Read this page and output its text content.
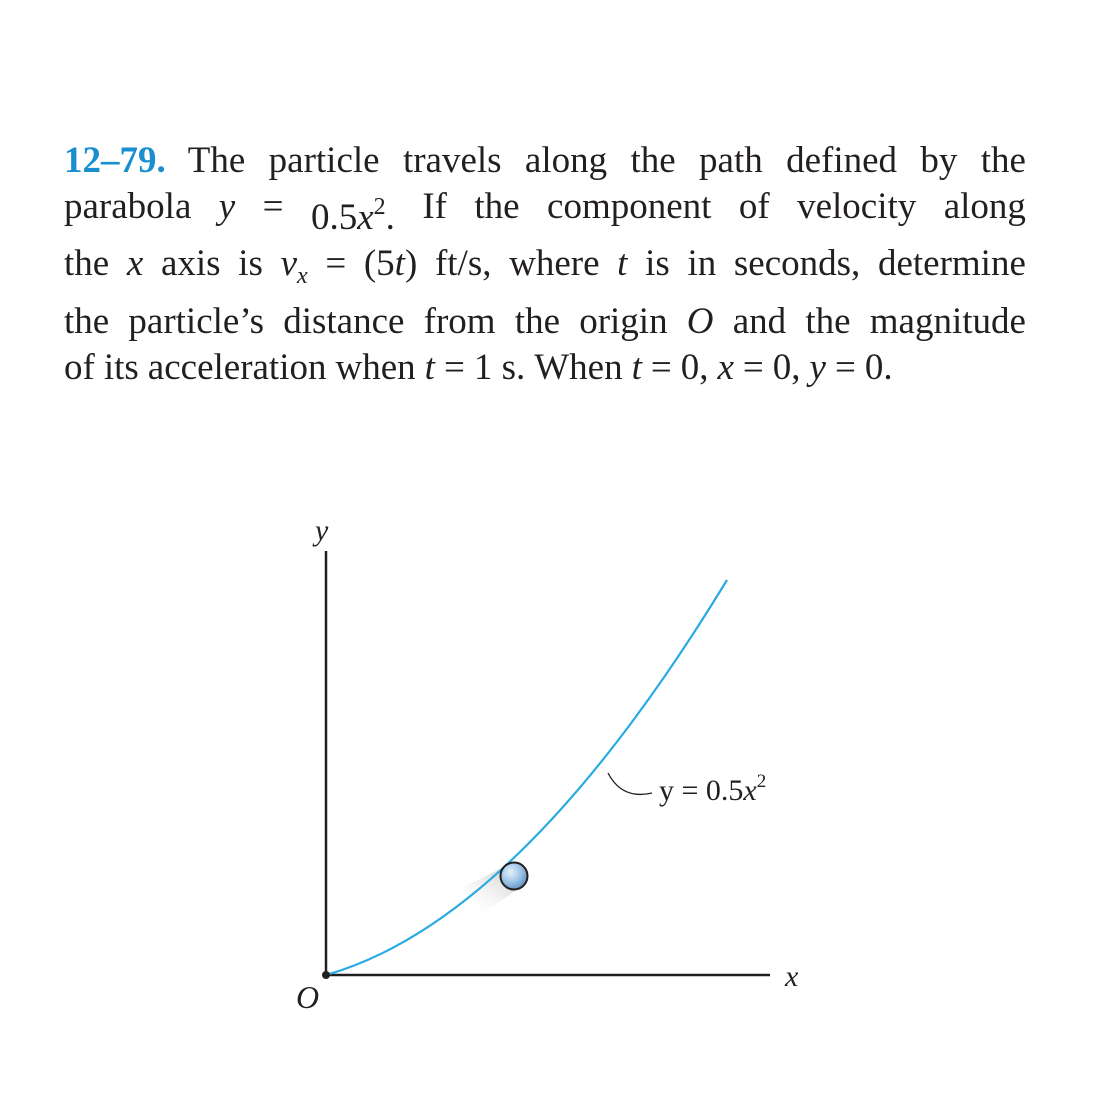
12–79. The particle travels along the path defined by the
parabola $y = 0.5x^2$. If the component of velocity along
the x axis is $v_x = (5t)$ ft/s, where t is in seconds, determine
the particle’s distance from the origin O and the magnitude
of its acceleration when t = 1 s. When t = 0, x = 0, y = 0.
y
x
O
$y = 0.5x^2$
